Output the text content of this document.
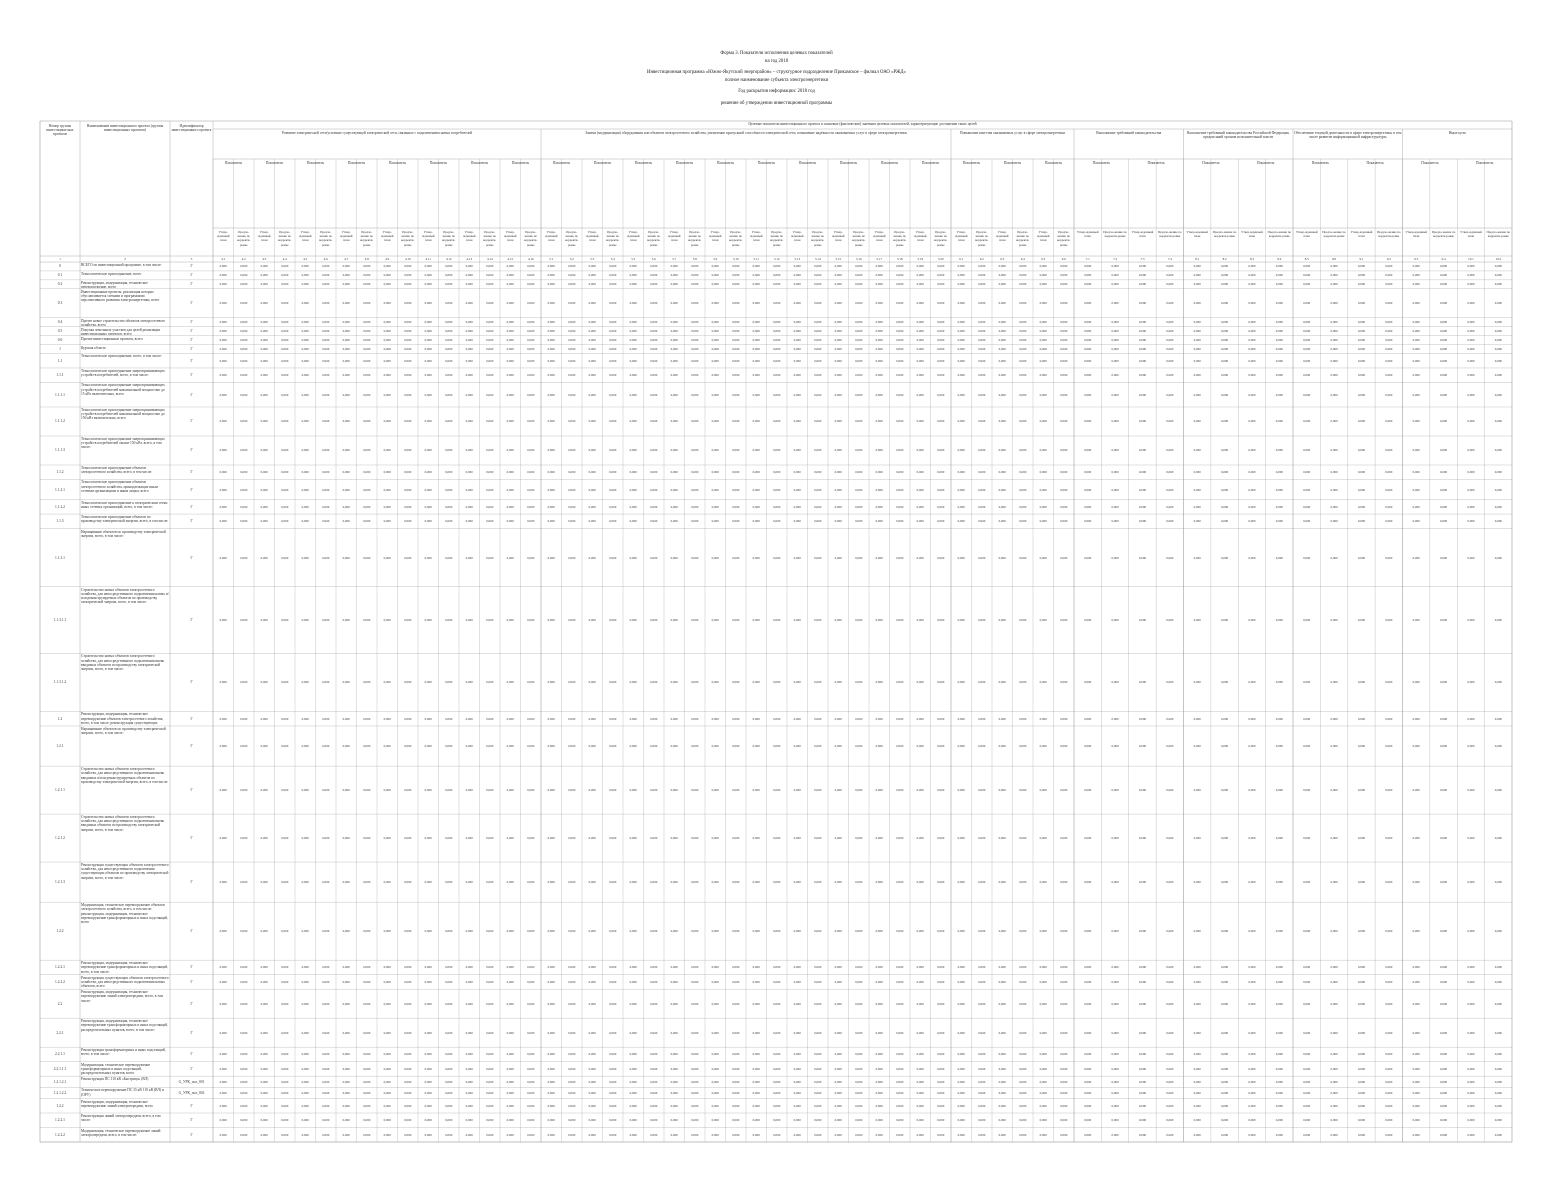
Форма 3. Показатели исполнения целевых показателей
на год 2018
Инвестиционная программа «Южно-Якутский энергорайон» – структурное подразделение Прикамское – филиал ОАО «РЖД»
полное наименование субъекта электроэнергетики
Год раскрытия информации: 2018 год
решение об утверждении инвестиционной программы
Номер группы инвестицион-ных проектов
Наименование инвестиционного проекта (группы инвестиционных проектов)
Идентификатор инвестиционного проекта
Целевые показатели инвестиционного проекта и плановые (фактические) значения целевых показателей, характеризующие достижение таких целей
Развитие электрической сети/усиление существующей электрической сети, связанное с подключением новых потребителей	Замена (модернизация) оборудования или объектов электросетевого хозяйства, увеличение пропускной способности электрической сети, повышение надёжности оказываемых услуг в сфере электроэнергетики	Повышение качества оказываемых услуг в сфере электроэнергетики	Выполнение требований законодательства	Выполнение требований законодательства Российской Федерации, предписаний органов исполнительной власти
Обеспечение текущей деятельности в сфере электроэнергетики, в том числе развитие информационной инфраструктуры
Иные цели
Показатель	Показатель	Показатель	Показатель	Показатель	Показатель	Показатель	Показатель	Показатель	Показатель	Показатель	Показатель	Показатель	Показатель	Показатель	Показатель	Показатель	Показатель	Показатель	Показатель	Показатель	Показатель	Показатель	Показатель	Показатель	Показатель	Показатель	Показатель	Показатель
Утвер-жденный план
Предло-жение по корректи-ровке
Утвер-жденный план
Предло-жение по корректи-ровке
Утвер-жденный план
Предло-жение по корректи-ровке
Утвер-жденный план
Предло-жение по корректи-ровке
Утвер-жденный план
Предло-жение по корректи-ровке
Утвер-жденный план
Предло-жение по корректи-ровке
Утвер-жденный план
Предло-жение по корректи-ровке
Утвер-жденный план
Предло-жение по корректи-ровке
Утвер-жденный план
Предло-жение по корректи-ровке
Утвер-жденный план
Предло-жение по корректи-ровке
Утвер-жденный план
Предло-жение по корректи-ровке
Утвер-жденный план
Предло-жение по корректи-ровке
Утвер-жденный план
Предло-жение по корректи-ровке
Утвер-жденный план
Предло-жение по корректи-ровке
Утвер-жденный план
Предло-жение по корректи-ровке
Утвер-жденный план
Предло-жение по корректи-ровке
Утвер-жденный план
Предло-жение по корректи-ровке
Утвер-жденный план
Предло-жение по корректи-ровке
Утвер-жденный план
Предло-жение по корректи-ровке
Утвер-жденный план
Предло-жение по корректи-ровке
Утвер-жденный план
Предло-жение по корректи-ровке
Утвер-жденный план
Предло-жение по корректи-ровке
Утвер-жденный план
Предло-жение по корректи-ровке
Утвер-жденный план
Предло-жение по корректи-ровке
Утвер-жденный план
Предло-жение по корректи-ровке
Утвер-жденный план
Предло-жение по корректи-ровке
Утвер-жденный план
Предло-жение по корректи-ровке
Утвер-жденный план
Предло-жение по корректи-ровке
Утвер-жденный план
Предло-жение по корректи-ровке
1	2	3	4.1	4.2	4.3	4.4	4.5	4.6	4.7	4.8	4.9	4.10	4.11	4.12	4.13	4.14	4.15	4.16	5.1	5.2	5.3	5.4	5.5	5.6	5.7	5.8	5.9	5.10	5.11	5.12	5.13	5.14	5.15	5.16	5.17	5.18	5.19	5.20	6.1	6.2	6.3	6.4	6.5	6.6	7.1	7.2	7.3	7.4	8.1	8.2	8.3	8.4	8.5	8.6	9.1	9.2	9.3	9.4	10.1	10.2
0	ВСЕГО по инвестиционной программе, в том числе:	Г	0,000	0,000	0,000	0,000	0,000	0,000	0,000	0,000	0,000	0,000	0,000	0,000	0,000	0,000	0,000	0,000	0,000	0,000	0,000	0,000	0,000	0,000	0,000	0,000	0,000	0,000	0,000	0,000	0,000	0,000	0,000	0,000	0,000	0,000	0,000	0,000	0,000	0,000	0,000	0,000	0,000	0,000	0,000	0,000	0,000	0,000	0,000	0,000	0,000	0,000	0,000	0,000	0,000	0,000	0,000	0,000	0,000	0,000
0.1	Технологическое присоединение, всего	Г	0,000	0,000	0,000	0,000	0,000	0,000	0,000	0,000	0,000	0,000	0,000	0,000	0,000	0,000	0,000	0,000	0,000	0,000	0,000	0,000	0,000	0,000	0,000	0,000	0,000	0,000	0,000	0,000	0,000	0,000	0,000	0,000	0,000	0,000	0,000	0,000	0,000	0,000	0,000	0,000	0,000	0,000	0,000	0,000	0,000	0,000	0,000	0,000	0,000	0,000	0,000	0,000	0,000	0,000	0,000	0,000	0,000	0,000
0.2	Реконструкция, модернизация, техническое перевооружение, всего
Г	0,000	0,000	0,000	0,000	0,000	0,000	0,000	0,000	0,000	0,000	0,000	0,000	0,000	0,000	0,000	0,000	0,000	0,000	0,000	0,000	0,000	0,000	0,000	0,000	0,000	0,000	0,000	0,000	0,000	0,000	0,000	0,000	0,000	0,000	0,000	0,000	0,000	0,000	0,000	0,000	0,000	0,000	0,000	0,000	0,000	0,000	0,000	0,000	0,000	0,000	0,000	0,000	0,000	0,000	0,000	0,000	0,000	0,000
0.3
Инвестиционные проекты, реализация которых обуславливается схемами и программами перспективного развития электроэнергетики, всего
Г	0,000	0,000	0,000	0,000	0,000	0,000	0,000	0,000	0,000	0,000	0,000	0,000	0,000	0,000	0,000	0,000	0,000	0,000	0,000	0,000	0,000	0,000	0,000	0,000	0,000	0,000	0,000	0,000	0,000	0,000	0,000	0,000	0,000	0,000	0,000	0,000	0,000	0,000	0,000	0,000	0,000	0,000	0,000	0,000	0,000	0,000	0,000	0,000	0,000	0,000	0,000	0,000	0,000	0,000	0,000	0,000	0,000	0,000
0.4	Прочее новое строительство объектов электросетевого хозяйства, всего
Г	0,000	0,000	0,000	0,000	0,000	0,000	0,000	0,000	0,000	0,000	0,000	0,000	0,000	0,000	0,000	0,000	0,000	0,000	0,000	0,000	0,000	0,000	0,000	0,000	0,000	0,000	0,000	0,000	0,000	0,000	0,000	0,000	0,000	0,000	0,000	0,000	0,000	0,000	0,000	0,000	0,000	0,000	0,000	0,000	0,000	0,000	0,000	0,000	0,000	0,000	0,000	0,000	0,000	0,000	0,000	0,000	0,000	0,000
0.5	Покупка земельных участков для целей реализации инвестиционных проектов, всего
Г	0,000	0,000	0,000	0,000	0,000	0,000	0,000	0,000	0,000	0,000	0,000	0,000	0,000	0,000	0,000	0,000	0,000	0,000	0,000	0,000	0,000	0,000	0,000	0,000	0,000	0,000	0,000	0,000	0,000	0,000	0,000	0,000	0,000	0,000	0,000	0,000	0,000	0,000	0,000	0,000	0,000	0,000	0,000	0,000	0,000	0,000	0,000	0,000	0,000	0,000	0,000	0,000	0,000	0,000	0,000	0,000	0,000	0,000
0.6	Прочие инвестиционные проекты, всего	Г	0,000	0,000	0,000	0,000	0,000	0,000	0,000	0,000	0,000	0,000	0,000	0,000	0,000	0,000	0,000	0,000	0,000	0,000	0,000	0,000	0,000	0,000	0,000	0,000	0,000	0,000	0,000	0,000	0,000	0,000	0,000	0,000	0,000	0,000	0,000	0,000	0,000	0,000	0,000	0,000	0,000	0,000	0,000	0,000	0,000	0,000	0,000	0,000	0,000	0,000	0,000	0,000	0,000	0,000	0,000	0,000	0,000	0,000
1	Курская область	Г	0,000	0,000	0,000	0,000	0,000	0,000	0,000	0,000	0,000	0,000	0,000	0,000	0,000	0,000	0,000	0,000	0,000	0,000	0,000	0,000	0,000	0,000	0,000	0,000	0,000	0,000	0,000	0,000	0,000	0,000	0,000	0,000	0,000	0,000	0,000	0,000	0,000	0,000	0,000	0,000	0,000	0,000	0,000	0,000	0,000	0,000	0,000	0,000	0,000	0,000	0,000	0,000	0,000	0,000	0,000	0,000	0,000	0,000
1.1
Технологическое присоединение, всего, в том числе:
Г	0,000	0,000	0,000	0,000	0,000	0,000	0,000	0,000	0,000	0,000	0,000	0,000	0,000	0,000	0,000	0,000	0,000	0,000	0,000	0,000	0,000	0,000	0,000	0,000	0,000	0,000	0,000	0,000	0,000	0,000	0,000	0,000	0,000	0,000	0,000	0,000	0,000	0,000	0,000	0,000	0,000	0,000	0,000	0,000	0,000	0,000	0,000	0,000	0,000	0,000	0,000	0,000	0,000	0,000	0,000	0,000	0,000	0,000
1.1.1
Технологическое присоединение энергопринимающих устройств потребителей, всего, в том числе:	Г	0,000	0,000	0,000	0,000	0,000	0,000	0,000	0,000	0,000	0,000	0,000	0,000	0,000	0,000	0,000	0,000	0,000	0,000	0,000	0,000	0,000	0,000	0,000	0,000	0,000	0,000	0,000	0,000	0,000	0,000	0,000	0,000	0,000	0,000	0,000	0,000	0,000	0,000	0,000	0,000	0,000	0,000	0,000	0,000	0,000	0,000	0,000	0,000	0,000	0,000	0,000	0,000	0,000	0,000	0,000	0,000	0,000	0,000
1.1.1.1
Технологическое присоединение энергопринимающих устройств потребителей максимальной мощностью до 15 кВт включительно, всего	Г	0,000	0,000	0,000	0,000	0,000	0,000	0,000	0,000	0,000	0,000	0,000	0,000	0,000	0,000	0,000	0,000	0,000	0,000	0,000	0,000	0,000	0,000	0,000	0,000	0,000	0,000	0,000	0,000	0,000	0,000	0,000	0,000	0,000	0,000	0,000	0,000	0,000	0,000	0,000	0,000	0,000	0,000	0,000	0,000	0,000	0,000	0,000	0,000	0,000	0,000	0,000	0,000	0,000	0,000	0,000	0,000	0,000	0,000
1.1.1.2
Технологическое присоединение энергопринимающих устройств потребителей максимальной мощностью до 150 кВт включительно, всего
Г	0,000	0,000	0,000	0,000	0,000	0,000	0,000	0,000	0,000	0,000	0,000	0,000	0,000	0,000	0,000	0,000	0,000	0,000	0,000	0,000	0,000	0,000	0,000	0,000	0,000	0,000	0,000	0,000	0,000	0,000	0,000	0,000	0,000	0,000	0,000	0,000	0,000	0,000	0,000	0,000	0,000	0,000	0,000	0,000	0,000	0,000	0,000	0,000	0,000	0,000	0,000	0,000	0,000	0,000	0,000	0,000	0,000	0,000
1.1.1.3
Технологическое присоединение энергопринимающих устройств потребителей свыше 150 кВт, всего, в том числе:
Г	0,000	0,000	0,000	0,000	0,000	0,000	0,000	0,000	0,000	0,000	0,000	0,000	0,000	0,000	0,000	0,000	0,000	0,000	0,000	0,000	0,000	0,000	0,000	0,000	0,000	0,000	0,000	0,000	0,000	0,000	0,000	0,000	0,000	0,000	0,000	0,000	0,000	0,000	0,000	0,000	0,000	0,000	0,000	0,000	0,000	0,000	0,000	0,000	0,000	0,000	0,000	0,000	0,000	0,000	0,000	0,000	0,000	0,000
1.1.2
Технологическое присоединение объектов электросетевого хозяйства, всего, в том числе:	Г	0,000	0,000	0,000	0,000	0,000	0,000	0,000	0,000	0,000	0,000	0,000	0,000	0,000	0,000	0,000	0,000	0,000	0,000	0,000	0,000	0,000	0,000	0,000	0,000	0,000	0,000	0,000	0,000	0,000	0,000	0,000	0,000	0,000	0,000	0,000	0,000	0,000	0,000	0,000	0,000	0,000	0,000	0,000	0,000	0,000	0,000	0,000	0,000	0,000	0,000	0,000	0,000	0,000	0,000	0,000	0,000	0,000	0,000
1.1.2.1
Технологическое присоединение объектов электросетевого хозяйства, принадлежащих иным сетевым организациям и иным лицам, всего	Г	0,000	0,000	0,000	0,000	0,000	0,000	0,000	0,000	0,000	0,000	0,000	0,000	0,000	0,000	0,000	0,000	0,000	0,000	0,000	0,000	0,000	0,000	0,000	0,000	0,000	0,000	0,000	0,000	0,000	0,000	0,000	0,000	0,000	0,000	0,000	0,000	0,000	0,000	0,000	0,000	0,000	0,000	0,000	0,000	0,000	0,000	0,000	0,000	0,000	0,000	0,000	0,000	0,000	0,000	0,000	0,000	0,000	0,000
1.1.2.2
Технологическое присоединение к электрическим сетям иных сетевых организаций, всего, в том числе:	Г	0,000	0,000	0,000	0,000	0,000	0,000	0,000	0,000	0,000	0,000	0,000	0,000	0,000	0,000	0,000	0,000	0,000	0,000	0,000	0,000	0,000	0,000	0,000	0,000	0,000	0,000	0,000	0,000	0,000	0,000	0,000	0,000	0,000	0,000	0,000	0,000	0,000	0,000	0,000	0,000	0,000	0,000	0,000	0,000	0,000	0,000	0,000	0,000	0,000	0,000	0,000	0,000	0,000	0,000	0,000	0,000	0,000	0,000
1.1.3
Технологическое присоединение объектов по производству электрической энергии, всего, в том числе:	Г	0,000	0,000	0,000	0,000	0,000	0,000	0,000	0,000	0,000	0,000	0,000	0,000	0,000	0,000	0,000	0,000	0,000	0,000	0,000	0,000	0,000	0,000	0,000	0,000	0,000	0,000	0,000	0,000	0,000	0,000	0,000	0,000	0,000	0,000	0,000	0,000	0,000	0,000	0,000	0,000	0,000	0,000	0,000	0,000	0,000	0,000	0,000	0,000	0,000	0,000	0,000	0,000	0,000	0,000	0,000	0,000	0,000	0,000
1.1.3.1
Наращивание объектов по производству электрической энергии, всего, в том числе:
Г	0,000	0,000	0,000	0,000	0,000	0,000	0,000	0,000	0,000	0,000	0,000	0,000	0,000	0,000	0,000	0,000	0,000	0,000	0,000	0,000	0,000	0,000	0,000	0,000	0,000	0,000	0,000	0,000	0,000	0,000	0,000	0,000	0,000	0,000	0,000	0,000	0,000	0,000	0,000	0,000	0,000	0,000	0,000	0,000	0,000	0,000	0,000	0,000	0,000	0,000	0,000	0,000	0,000	0,000	0,000	0,000	0,000	0,000
1.1.3.1.1
Строительство новых объектов электросетевого хозяйства, для непосредственного подключения новых и/или реконструируемых объектов по производству электрической энергии, всего, в том числе:
Г	0,000	0,000	0,000	0,000	0,000	0,000	0,000	0,000	0,000	0,000	0,000	0,000	0,000	0,000	0,000	0,000	0,000	0,000	0,000	0,000	0,000	0,000	0,000	0,000	0,000	0,000	0,000	0,000	0,000	0,000	0,000	0,000	0,000	0,000	0,000	0,000	0,000	0,000	0,000	0,000	0,000	0,000	0,000	0,000	0,000	0,000	0,000	0,000	0,000	0,000	0,000	0,000	0,000	0,000	0,000	0,000	0,000	0,000
1.1.3.1.2
Строительство новых объектов электросетевого хозяйства, для непосредственного подключения вновь вводимых объектов по производству электрической энергии, всего, в том числе:
Г	0,000	0,000	0,000	0,000	0,000	0,000	0,000	0,000	0,000	0,000	0,000	0,000	0,000	0,000	0,000	0,000	0,000	0,000	0,000	0,000	0,000	0,000	0,000	0,000	0,000	0,000	0,000	0,000	0,000	0,000	0,000	0,000	0,000	0,000	0,000	0,000	0,000	0,000	0,000	0,000	0,000	0,000	0,000	0,000	0,000	0,000	0,000	0,000	0,000	0,000	0,000	0,000	0,000	0,000	0,000	0,000	0,000	0,000
1.2
Реконструкция, модернизация, техническое перевооружение объектов электросетевого хозяйства, всего, в том числе: реконструкция существующих
Г	0,000	0,000	0,000	0,000	0,000	0,000	0,000	0,000	0,000	0,000	0,000	0,000	0,000	0,000	0,000	0,000	0,000	0,000	0,000	0,000	0,000	0,000	0,000	0,000	0,000	0,000	0,000	0,000	0,000	0,000	0,000	0,000	0,000	0,000	0,000	0,000	0,000	0,000	0,000	0,000	0,000	0,000	0,000	0,000	0,000	0,000	0,000	0,000	0,000	0,000	0,000	0,000	0,000	0,000	0,000	0,000	0,000	0,000
1.2.1
Наращивание объектов по производству электрической энергии, всего, в том числе:
Г	0,000	0,000	0,000	0,000	0,000	0,000	0,000	0,000	0,000	0,000	0,000	0,000	0,000	0,000	0,000	0,000	0,000	0,000	0,000	0,000	0,000	0,000	0,000	0,000	0,000	0,000	0,000	0,000	0,000	0,000	0,000	0,000	0,000	0,000	0,000	0,000	0,000	0,000	0,000	0,000	0,000	0,000	0,000	0,000	0,000	0,000	0,000	0,000	0,000	0,000	0,000	0,000	0,000	0,000	0,000	0,000	0,000	0,000
1.2.1.1
Строительство новых объектов электросетевого хозяйства, для непосредственного подключения вновь вводимых и/или реконструируемых объектов по производству электрической энергии, всего, в том числе:
Г	0,000	0,000	0,000	0,000	0,000	0,000	0,000	0,000	0,000	0,000	0,000	0,000	0,000	0,000	0,000	0,000	0,000	0,000	0,000	0,000	0,000	0,000	0,000	0,000	0,000	0,000	0,000	0,000	0,000	0,000	0,000	0,000	0,000	0,000	0,000	0,000	0,000	0,000	0,000	0,000	0,000	0,000	0,000	0,000	0,000	0,000	0,000	0,000	0,000	0,000	0,000	0,000	0,000	0,000	0,000	0,000	0,000	0,000
1.2.1.2
Строительство новых объектов электросетевого хозяйства, для непосредственного подключения вновь вводимых объектов по производству электрической энергии, всего, в том числе:
Г	0,000	0,000	0,000	0,000	0,000	0,000	0,000	0,000	0,000	0,000	0,000	0,000	0,000	0,000	0,000	0,000	0,000	0,000	0,000	0,000	0,000	0,000	0,000	0,000	0,000	0,000	0,000	0,000	0,000	0,000	0,000	0,000	0,000	0,000	0,000	0,000	0,000	0,000	0,000	0,000	0,000	0,000	0,000	0,000	0,000	0,000	0,000	0,000	0,000	0,000	0,000	0,000	0,000	0,000	0,000	0,000	0,000	0,000
1.2.1.3
Реконструкция существующих объектов электросетевого хозяйства, для непосредственного подключения существующих объектов по производству электрической энергии, всего, в том числе:
Г	0,000	0,000	0,000	0,000	0,000	0,000	0,000	0,000	0,000	0,000	0,000	0,000	0,000	0,000	0,000	0,000	0,000	0,000	0,000	0,000	0,000	0,000	0,000	0,000	0,000	0,000	0,000	0,000	0,000	0,000	0,000	0,000	0,000	0,000	0,000	0,000	0,000	0,000	0,000	0,000	0,000	0,000	0,000	0,000	0,000	0,000	0,000	0,000	0,000	0,000	0,000	0,000	0,000	0,000	0,000	0,000	0,000	0,000
1.2.2
Модернизация, техническое перевооружение объектов электросетевого хозяйства, всего, в том числе: реконструкция, модернизация, техническое перевооружение трансформаторных и иных подстанций, всего
Г	0,000	0,000	0,000	0,000	0,000	0,000	0,000	0,000	0,000	0,000	0,000	0,000	0,000	0,000	0,000	0,000	0,000	0,000	0,000	0,000	0,000	0,000	0,000	0,000	0,000	0,000	0,000	0,000	0,000	0,000	0,000	0,000	0,000	0,000	0,000	0,000	0,000	0,000	0,000	0,000	0,000	0,000	0,000	0,000	0,000	0,000	0,000	0,000	0,000	0,000	0,000	0,000	0,000	0,000	0,000	0,000	0,000	0,000
1.2.2.1
Реконструкция, модернизация, техническое перевооружение трансформаторных и иных подстанций, всего, в том числе:
Г	0,000	0,000	0,000	0,000	0,000	0,000	0,000	0,000	0,000	0,000	0,000	0,000	0,000	0,000	0,000	0,000	0,000	0,000	0,000	0,000	0,000	0,000	0,000	0,000	0,000	0,000	0,000	0,000	0,000	0,000	0,000	0,000	0,000	0,000	0,000	0,000	0,000	0,000	0,000	0,000	0,000	0,000	0,000	0,000	0,000	0,000	0,000	0,000	0,000	0,000	0,000	0,000	0,000	0,000	0,000	0,000	0,000	0,000
1.2.2.2
Реконструкция существующих объектов электросетевого хозяйства, для непосредственного подключения новых объектов, всего
Г	0,000	0,000	0,000	0,000	0,000	0,000	0,000	0,000	0,000	0,000	0,000	0,000	0,000	0,000	0,000	0,000	0,000	0,000	0,000	0,000	0,000	0,000	0,000	0,000	0,000	0,000	0,000	0,000	0,000	0,000	0,000	0,000	0,000	0,000	0,000	0,000	0,000	0,000	0,000	0,000	0,000	0,000	0,000	0,000	0,000	0,000	0,000	0,000	0,000	0,000	0,000	0,000	0,000	0,000	0,000	0,000	0,000	0,000
2.2
Реконструкция, модернизация, техническое перевооружение линий электропередачи, всего, в том числе:
Г	0,000	0,000	0,000	0,000	0,000	0,000	0,000	0,000	0,000	0,000	0,000	0,000	0,000	0,000	0,000	0,000	0,000	0,000	0,000	0,000	0,000	0,000	0,000	0,000	0,000	0,000	0,000	0,000	0,000	0,000	0,000	0,000	0,000	0,000	0,000	0,000	0,000	0,000	0,000	0,000	0,000	0,000	0,000	0,000	0,000	0,000	0,000	0,000	0,000	0,000	0,000	0,000	0,000	0,000	0,000	0,000	0,000	0,000
2.2.1
Реконструкция, модернизация, техническое перевооружение трансформаторных и иных подстанций, распределительных пунктов, всего, в том числе:
Г	0,000	0,000	0,000	0,000	0,000	0,000	0,000	0,000	0,000	0,000	0,000	0,000	0,000	0,000	0,000	0,000	0,000	0,000	0,000	0,000	0,000	0,000	0,000	0,000	0,000	0,000	0,000	0,000	0,000	0,000	0,000	0,000	0,000	0,000	0,000	0,000	0,000	0,000	0,000	0,000	0,000	0,000	0,000	0,000	0,000	0,000	0,000	0,000	0,000	0,000	0,000	0,000	0,000	0,000	0,000	0,000	0,000	0,000
2.2.1.1
Реконструкция трансформаторных и иных подстанций, всего, в том числе:	Г	0,000	0,000	0,000	0,000	0,000	0,000	0,000	0,000	0,000	0,000	0,000	0,000	0,000	0,000	0,000	0,000	0,000	0,000	0,000	0,000	0,000	0,000	0,000	0,000	0,000	0,000	0,000	0,000	0,000	0,000	0,000	0,000	0,000	0,000	0,000	0,000	0,000	0,000	0,000	0,000	0,000	0,000	0,000	0,000	0,000	0,000	0,000	0,000	0,000	0,000	0,000	0,000	0,000	0,000	0,000	0,000	0,000	0,000
2.2.1.1.1
Модернизация, техническое перевооружение трансформаторных и иных подстанций, распределительных пунктов, всего
Г	0,000	0,000	0,000	0,000	0,000	0,000	0,000	0,000	0,000	0,000	0,000	0,000	0,000	0,000	0,000	0,000	0,000	0,000	0,000	0,000	0,000	0,000	0,000	0,000	0,000	0,000	0,000	0,000	0,000	0,000	0,000	0,000	0,000	0,000	0,000	0,000	0,000	0,000	0,000	0,000	0,000	0,000	0,000	0,000	0,000	0,000	0,000	0,000	0,000	0,000	0,000	0,000	0,000	0,000	0,000	0,000	0,000	0,000
1.2.1.2.1
Реконструкция ПС 110 кВ «Быстрица» (ВЛ)
G_УРК_пол_001	0,000	0,000	0,000	0,000	0,000	0,000	0,000	0,000	0,000	0,000	0,000	0,000	0,000	0,000	0,000	0,000	0,000	0,000	0,000	0,000	0,000	0,000	0,000	0,000	0,000	0,000	0,000	0,000	0,000	0,000	0,000	0,000	0,000	0,000	0,000	0,000	0,000	0,000	0,000	0,000	0,000	0,000	0,000	0,000	0,000	0,000	0,000	0,000	0,000	0,000	0,000	0,000	0,000	0,000	0,000	0,000	0,000	0,000
1.2.1.2.2
Техническое перевооружение ПС 35 кВ 110 кВ (ВЛ) и (ОРУ)	G_УРК_пол_002	0,000	0,000	0,000	0,000	0,000	0,000	0,000	0,000	0,000	0,000	0,000	0,000	0,000	0,000	0,000	0,000	0,000	0,000	0,000	0,000	0,000	0,000	0,000	0,000	0,000	0,000	0,000	0,000	0,000	0,000	0,000	0,000	0,000	0,000	0,000	0,000	0,000	0,000	0,000	0,000	0,000	0,000	0,000	0,000	0,000	0,000	0,000	0,000	0,000	0,000	0,000	0,000	0,000	0,000	0,000	0,000	0,000	0,000
1.2.2
Реконструкция, модернизация, техническое перевооружение линий электропередачи, всего	Г	0,000	0,000	0,000	0,000	0,000	0,000	0,000	0,000	0,000	0,000	0,000	0,000	0,000	0,000	0,000	0,000	0,000	0,000	0,000	0,000	0,000	0,000	0,000	0,000	0,000	0,000	0,000	0,000	0,000	0,000	0,000	0,000	0,000	0,000	0,000	0,000	0,000	0,000	0,000	0,000	0,000	0,000	0,000	0,000	0,000	0,000	0,000	0,000	0,000	0,000	0,000	0,000	0,000	0,000	0,000	0,000	0,000	0,000
1.2.2.1
Реконструкция линий электропередачи, всего, в том числе:	Г	0,000	0,000	0,000	0,000	0,000	0,000	0,000	0,000	0,000	0,000	0,000	0,000	0,000	0,000	0,000	0,000	0,000	0,000	0,000	0,000	0,000	0,000	0,000	0,000	0,000	0,000	0,000	0,000	0,000	0,000	0,000	0,000	0,000	0,000	0,000	0,000	0,000	0,000	0,000	0,000	0,000	0,000	0,000	0,000	0,000	0,000	0,000	0,000	0,000	0,000	0,000	0,000	0,000	0,000	0,000	0,000	0,000	0,000
1.2.2.2
Модернизация, техническое перевооружение линий электропередачи, всего, в том числе:	Г	0,000	0,000	0,000	0,000	0,000	0,000	0,000	0,000	0,000	0,000	0,000	0,000	0,000	0,000	0,000	0,000	0,000	0,000	0,000	0,000	0,000	0,000	0,000	0,000	0,000	0,000	0,000	0,000	0,000	0,000	0,000	0,000	0,000	0,000	0,000	0,000	0,000	0,000	0,000	0,000	0,000	0,000	0,000	0,000	0,000	0,000	0,000	0,000	0,000	0,000	0,000	0,000	0,000	0,000	0,000	0,000	0,000	0,000
